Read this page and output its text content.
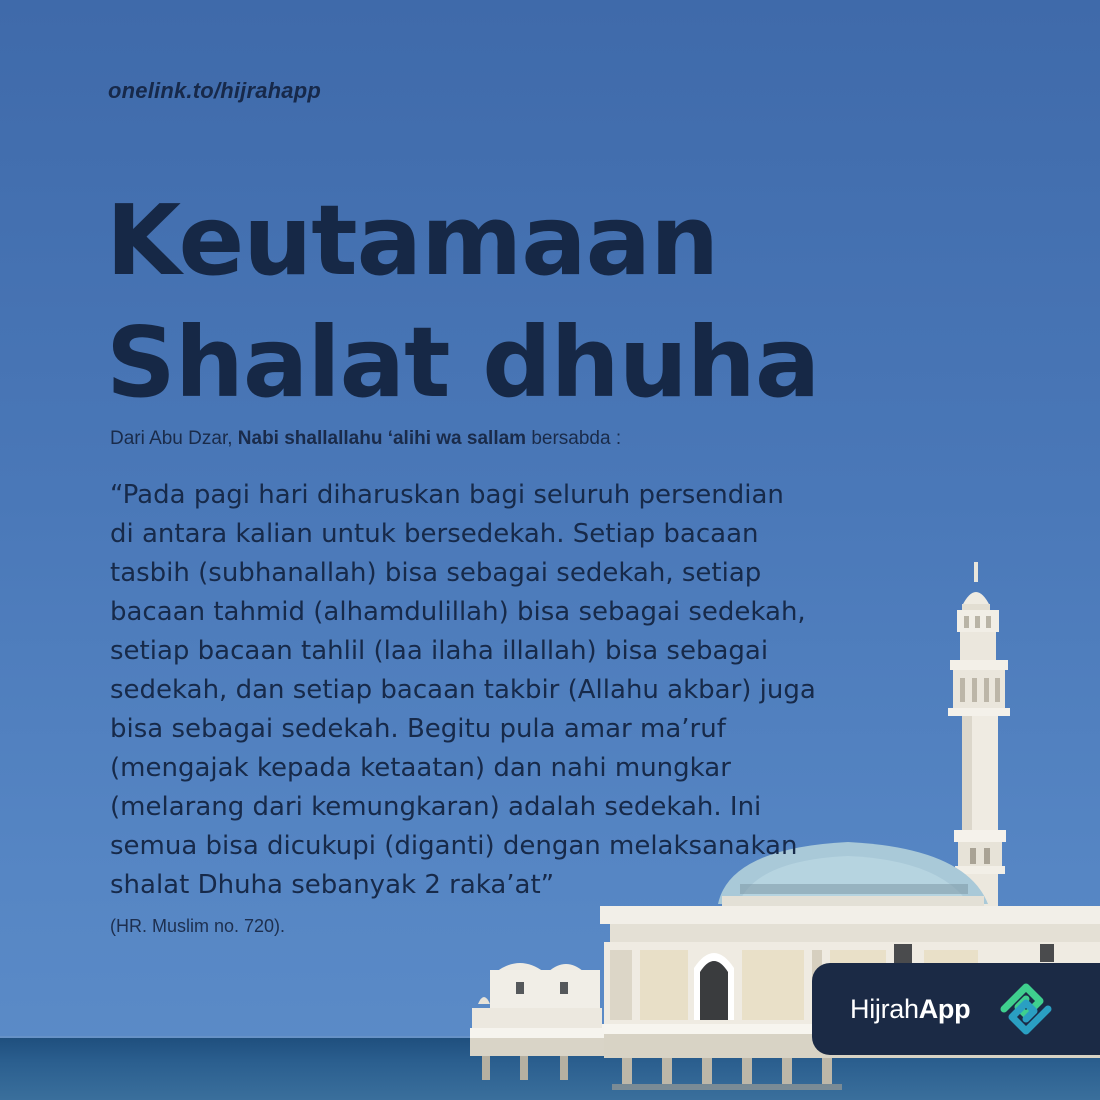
onelink.to/hijrahapp
Keutamaan
Shalat dhuha
Dari Abu Dzar, Nabi shallallahu ‘alihi wa sallam bersabda :

“Pada pagi hari diharuskan bagi seluruh persendian
di antara kalian untuk bersedekah. Setiap bacaan
tasbih (subhanallah) bisa sebagai sedekah, setiap
bacaan tahmid (alhamdulillah) bisa sebagai sedekah,
setiap bacaan tahlil (laa ilaha illallah) bisa sebagai
sedekah, dan setiap bacaan takbir (Allahu akbar) juga
bisa sebagai sedekah. Begitu pula amar ma’ruf
(mengajak kepada ketaatan) dan nahi mungkar
(melarang dari kemungkaran) adalah sedekah. Ini
semua bisa dicukupi (diganti) dengan melaksanakan
shalat Dhuha sebanyak 2 raka’at”

(HR. Muslim no. 720).
Hijrah App
